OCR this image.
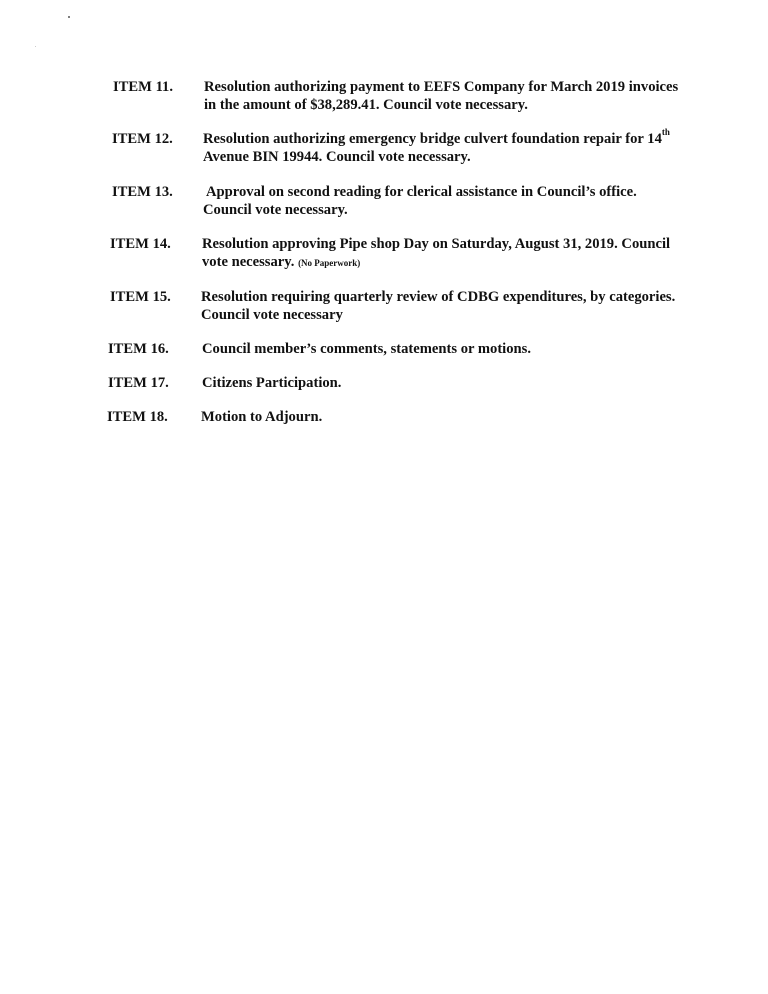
ITEM 11. Resolution authorizing payment to EEFS Company for March 2019 invoices
in the amount of $38,289.41. Council vote necessary.
ITEM 12. Resolution authorizing emergency bridge culvert foundation repair for 14th
Avenue BIN 19944. Council vote necessary.
ITEM 13. Approval on second reading for clerical assistance in Council’s office.
Council vote necessary.
ITEM 14. Resolution approving Pipe shop Day on Saturday, August 31, 2019. Council
vote necessary. (No Paperwork)
ITEM 15. Resolution requiring quarterly review of CDBG expenditures, by categories.
Council vote necessary
ITEM 16. Council member’s comments, statements or motions.
ITEM 17. Citizens Participation.
ITEM 18. Motion to Adjourn.
